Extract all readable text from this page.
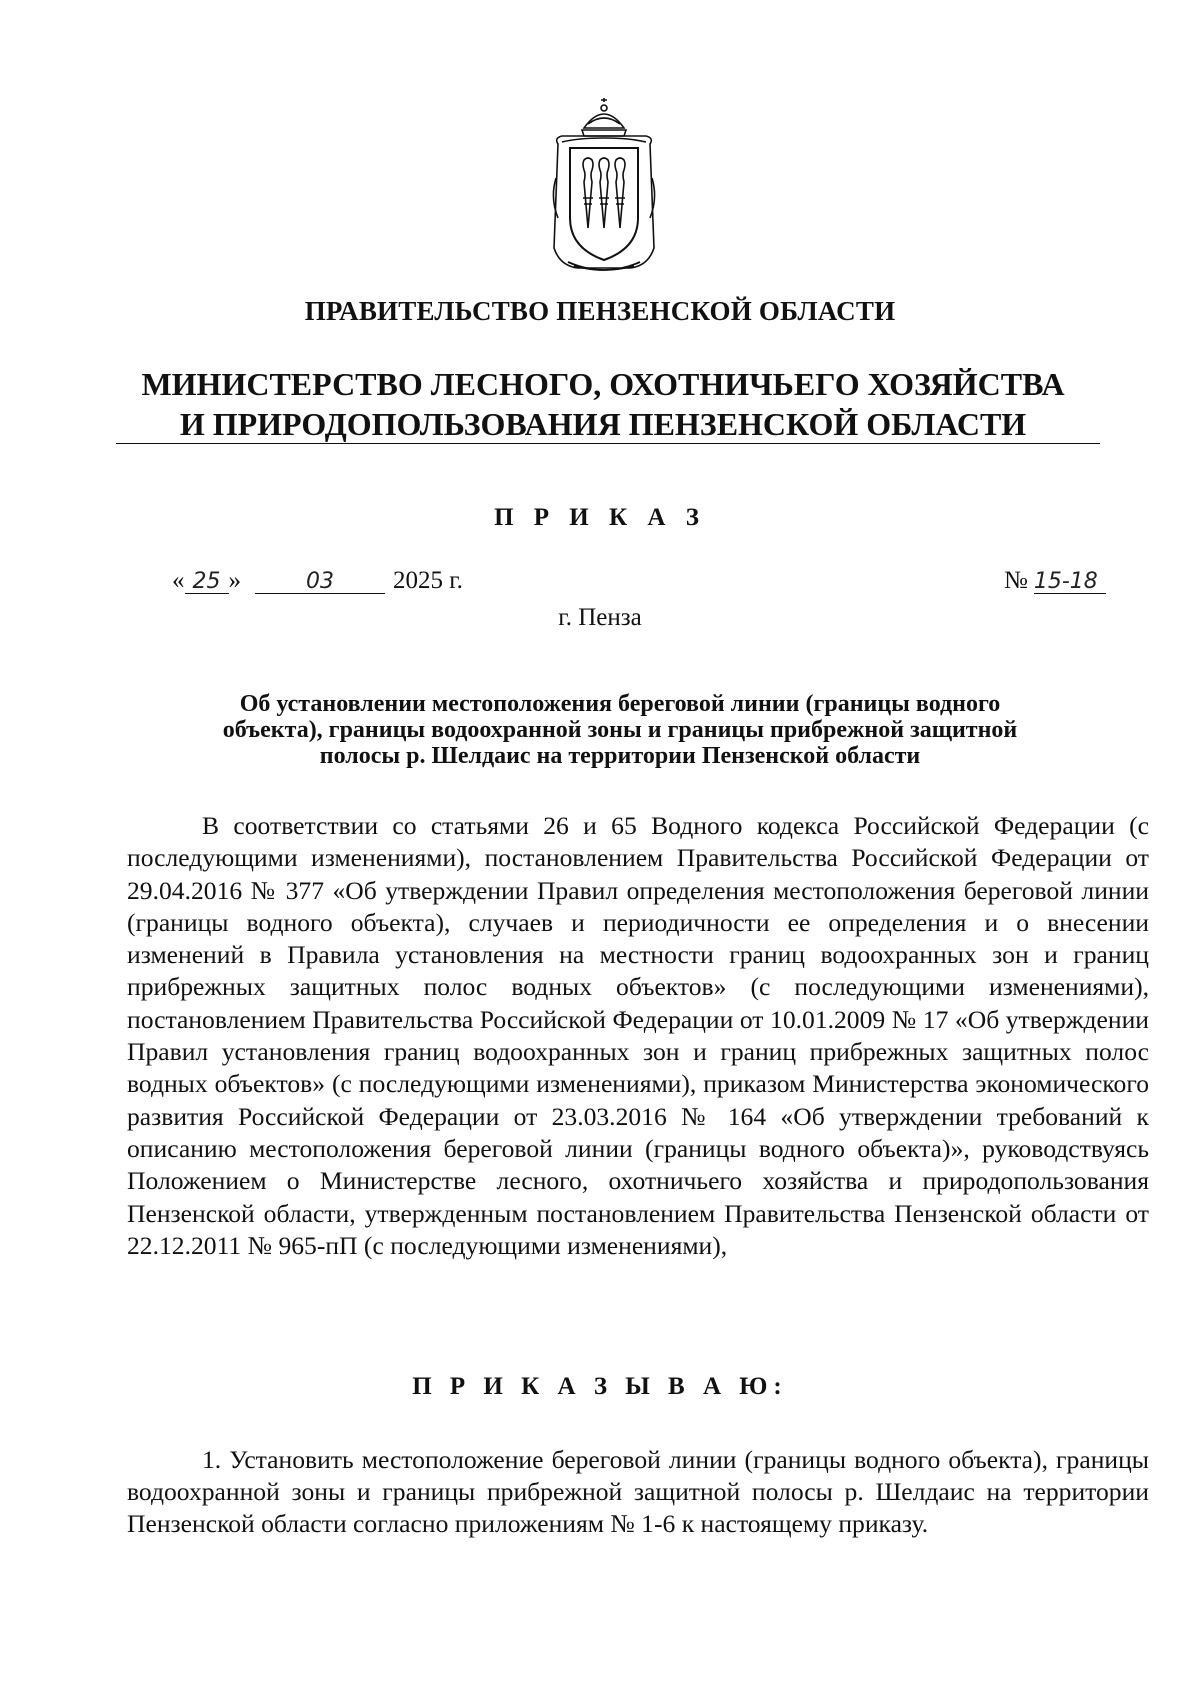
ПРАВИТЕЛЬСТВО ПЕНЗЕНСКОЙ ОБЛАСТИ
МИНИСТЕРСТВО ЛЕСНОГО, ОХОТНИЧЬЕГО ХОЗЯЙСТВА
И ПРИРОДОПОЛЬЗОВАНИЯ ПЕНЗЕНСКОЙ ОБЛАСТИ
П Р И К А З
« 25 »	03 2025 г.	№ 15-18
г. Пенза
Об установлении местоположения береговой линии (границы водного
объекта), границы водоохранной зоны и границы прибрежной защитной
полосы р. Шелдаис на территории Пензенской области

В соответствии со статьями 26 и 65 Водного кодекса Российской Федерации (с последующими изменениями), постановлением Правительства Российской Федерации от 29.04.2016 № 377 «Об утверждении Правил определения местоположения береговой линии (границы водного объекта), случаев и периодичности ее определения и о внесении изменений в Правила установления на местности границ водоохранных зон и границ прибрежных защитных полос водных объектов» (с последующими изменениями), постановлением Правительства Российской Федерации от 10.01.2009 № 17 «Об утверждении Правил установления границ водоохранных зон и границ прибрежных защитных полос водных объектов» (с последующими изменениями), приказом Министерства экономического развития Российской Федерации от 23.03.2016 № 164 «Об утверждении требований к описанию местоположения береговой линии (границы водного объекта)», руководствуясь Положением о Министерстве лесного, охотничьего хозяйства и природопользования Пензенской области, утвержденным постановлением Правительства Пензенской области от 22.12.2011 № 965-пП (с последующими изменениями),

П Р И К А З Ы В А Ю:

1. Установить местоположение береговой линии (границы водного объекта), границы водоохранной зоны и границы прибрежной защитной полосы р. Шелдаис на территории Пензенской области согласно приложениям № 1-6 к настоящему приказу.
